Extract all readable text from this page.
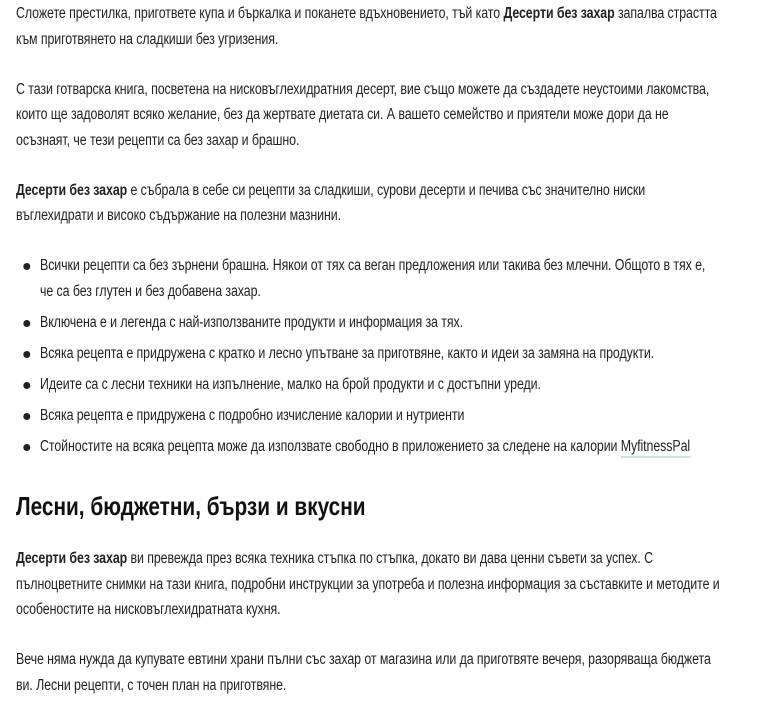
Сложете престилка, пригответе купа и бъркалка и поканете вдъхновението, тъй като Десерти без захар запалва страстта към приготвянето на сладкиши без угризения.

С тази готварска книга, посветена на нисковъглехидратния десерт, вие също можете да създадете неустоими лакомства, които ще задоволят всяко желание, без да жертвате диетата си. А вашето семейство и приятели може дори да не осъзнаят, че тези рецепти са без захар и брашно.

Десерти без захар е събрала в себе си рецепти за сладкиши, сурови десерти и печива със значително ниски въглехидрати и високо съдържание на полезни мазнини.

Всички рецепти са без зърнени брашна. Някои от тях са веган предложения или такива без млечни. Общото в тях е, че са без глутен и без добавена захар.
Включена е и легенда с най-използваните продукти и информация за тях.
Всяка рецепта е придружена с кратко и лесно упътване за приготвяне, както и идеи за замяна на продукти.
Идеите са с лесни техники на изпълнение, малко на брой продукти и с достъпни уреди.
Всяка рецепта е придружена с подробно изчисление калории и нутриенти
Стойностите на всяка рецепта може да използвате свободно в приложението за следене на калории MyfitnessPal
Лесни, бюджетни, бързи и вкусни

Десерти без захар ви превежда през всяка техника стъпка по стъпка, докато ви дава ценни съвети за успех. С пълноцветните снимки на тази книга, подробни инструкции за употреба и полезна информация за съставките и методите и особеностите на нисковъглехидратната кухня.

Вече няма нужда да купувате евтини храни пълни със захар от магазина или да приготвяте вечеря, разоряваща бюджета ви. Лесни рецепти, с точен план на приготвяне.
